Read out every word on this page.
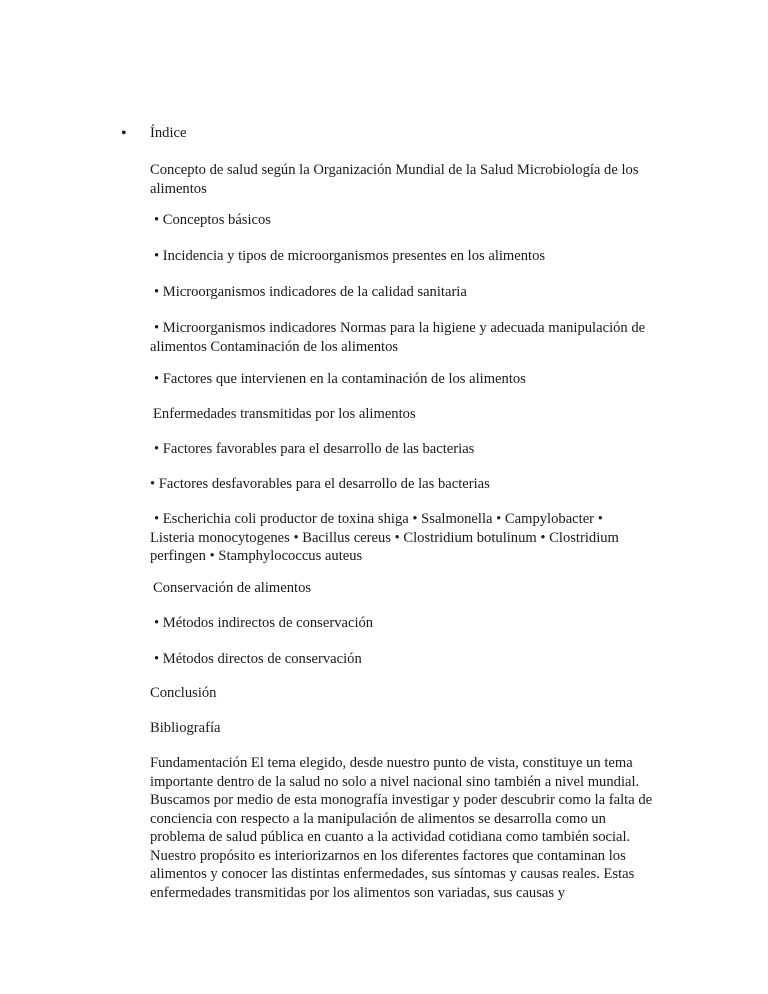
• Índice

Concepto de salud según la Organización Mundial de la Salud Microbiología de los alimentos

• Conceptos básicos

• Incidencia y tipos de microorganismos presentes en los alimentos

• Microorganismos indicadores de la calidad sanitaria

• Microorganismos indicadores Normas para la higiene y adecuada manipulación de alimentos Contaminación de los alimentos

• Factores que intervienen en la contaminación de los alimentos

Enfermedades transmitidas por los alimentos

• Factores favorables para el desarrollo de las bacterias

• Factores desfavorables para el desarrollo de las bacterias

• Escherichia coli productor de toxina shiga • Ssalmonella • Campylobacter • Listeria monocytogenes • Bacillus cereus • Clostridium botulinum • Clostridium perfingen • Stamphylococcus auteus

Conservación de alimentos

• Métodos indirectos de conservación

• Métodos directos de conservación

Conclusión

Bibliografía

Fundamentación El tema elegido, desde nuestro punto de vista, constituye un tema importante dentro de la salud no solo a nivel nacional sino también a nivel mundial. Buscamos por medio de esta monografía investigar y poder descubrir como la falta de conciencia con respecto a la manipulación de alimentos se desarrolla como un problema de salud pública en cuanto a la actividad cotidiana como también social. Nuestro propósito es interiorizarnos en los diferentes factores que contaminan los alimentos y conocer las distintas enfermedades, sus síntomas y causas reales. Estas enfermedades transmitidas por los alimentos son variadas, sus causas y
